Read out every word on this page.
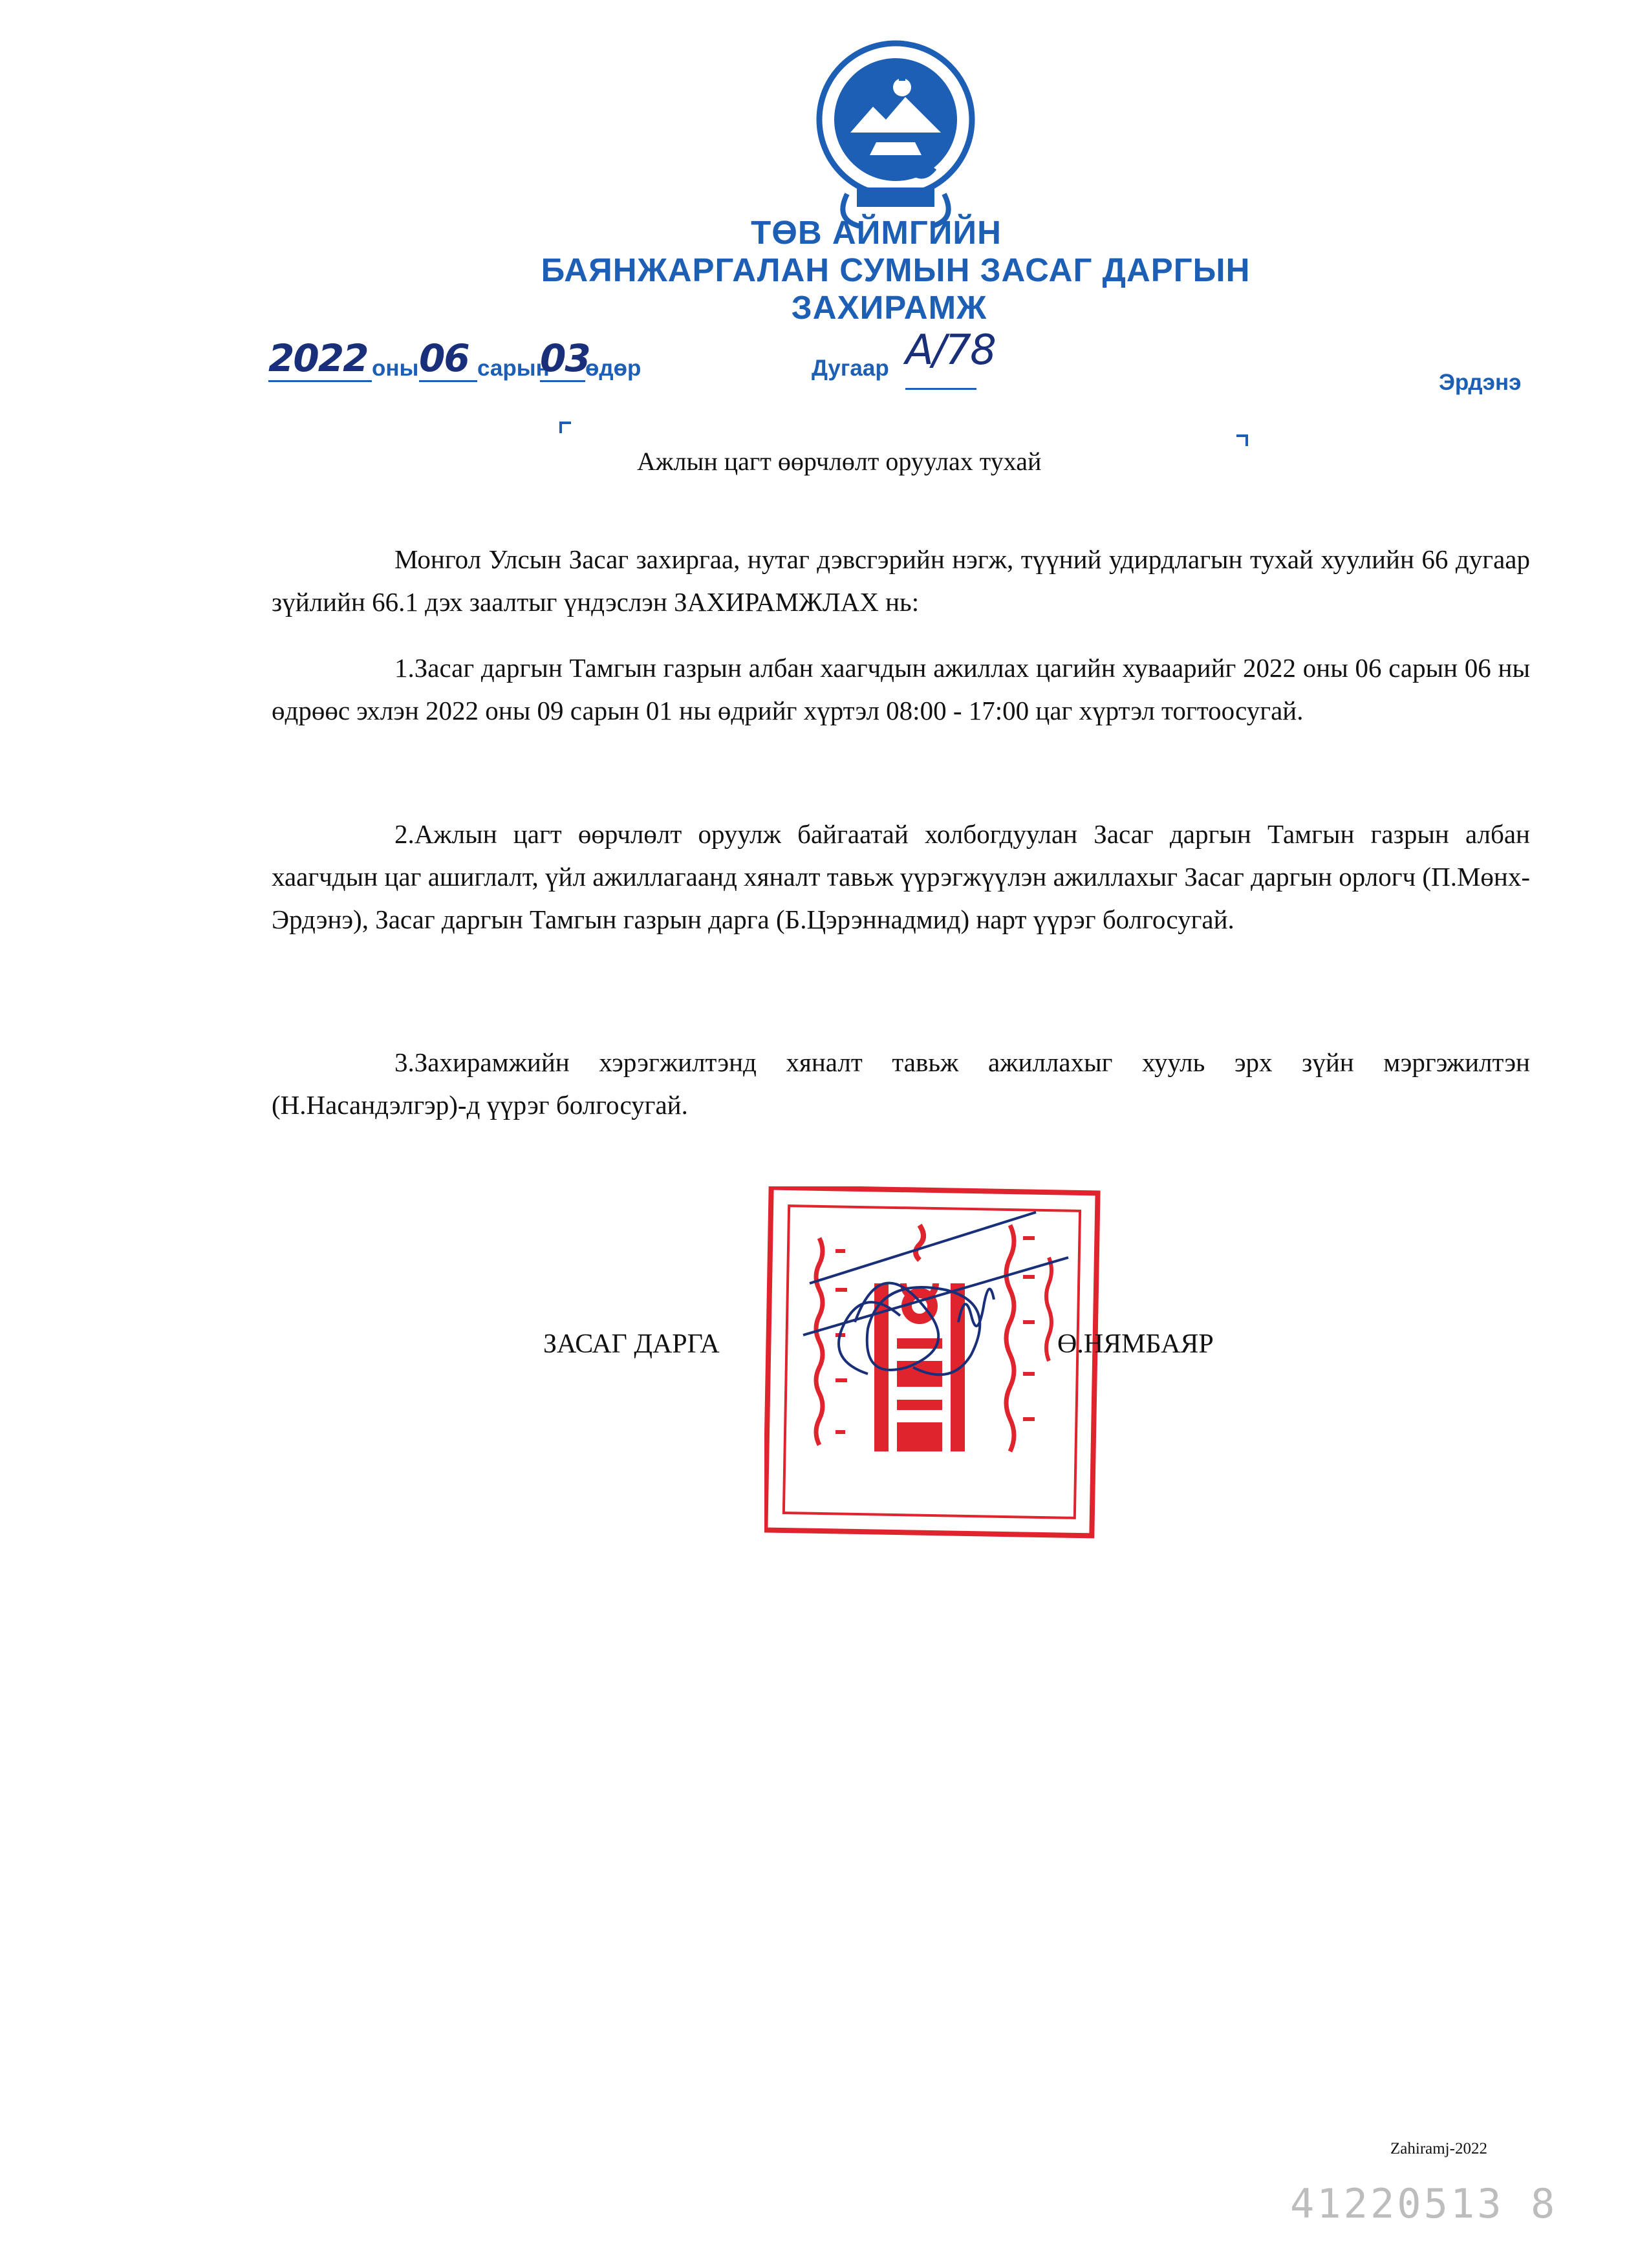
ТӨВ АЙМГИЙН
БАЯНЖАРГАЛАН СУМЫН ЗАСАГ ДАРГЫН
ЗАХИРАМЖ
2022 оны 06 сарын
03
өдөр	Дугаар А/78
Эрдэнэ
Ажлын цагт өөрчлөлт оруулах тухай
Монгол Улсын Засаг захиргаа, нутаг дэвсгэрийн нэгж, түүний удирдлагын тухай хуулийн 66 дугаар зүйлийн 66.1 дэх заалтыг үндэслэн ЗАХИРАМЖЛАХ нь:
1.Засаг даргын Тамгын газрын албан хаагчдын ажиллах цагийн хуваарийг 2022 оны 06 сарын 06 ны өдрөөс эхлэн 2022 оны 09 сарын 01 ны өдрийг хүртэл 08:00 - 17:00 цаг хүртэл тогтоосугай.
2.Ажлын цагт өөрчлөлт оруулж байгаатай холбогдуулан Засаг даргын Тамгын газрын албан хаагчдын цаг ашиглалт, үйл ажиллагаанд хяналт тавьж үүрэгжүүлэн ажиллахыг Засаг даргын орлогч (П.Мөнх-Эрдэнэ), Засаг даргын Тамгын газрын дарга (Б.Цэрэннадмид) нарт үүрэг болгосугай.
3.Захирамжийн хэрэгжилтэнд хяналт тавьж ажиллахыг хууль эрх зүйн мэргэжилтэн (Н.Насандэлгэр)-д үүрэг болгосугай.
ЗАСАГ ДАРГА	Ө.НЯМБАЯР
Zahiramj-2022
41220513 8
